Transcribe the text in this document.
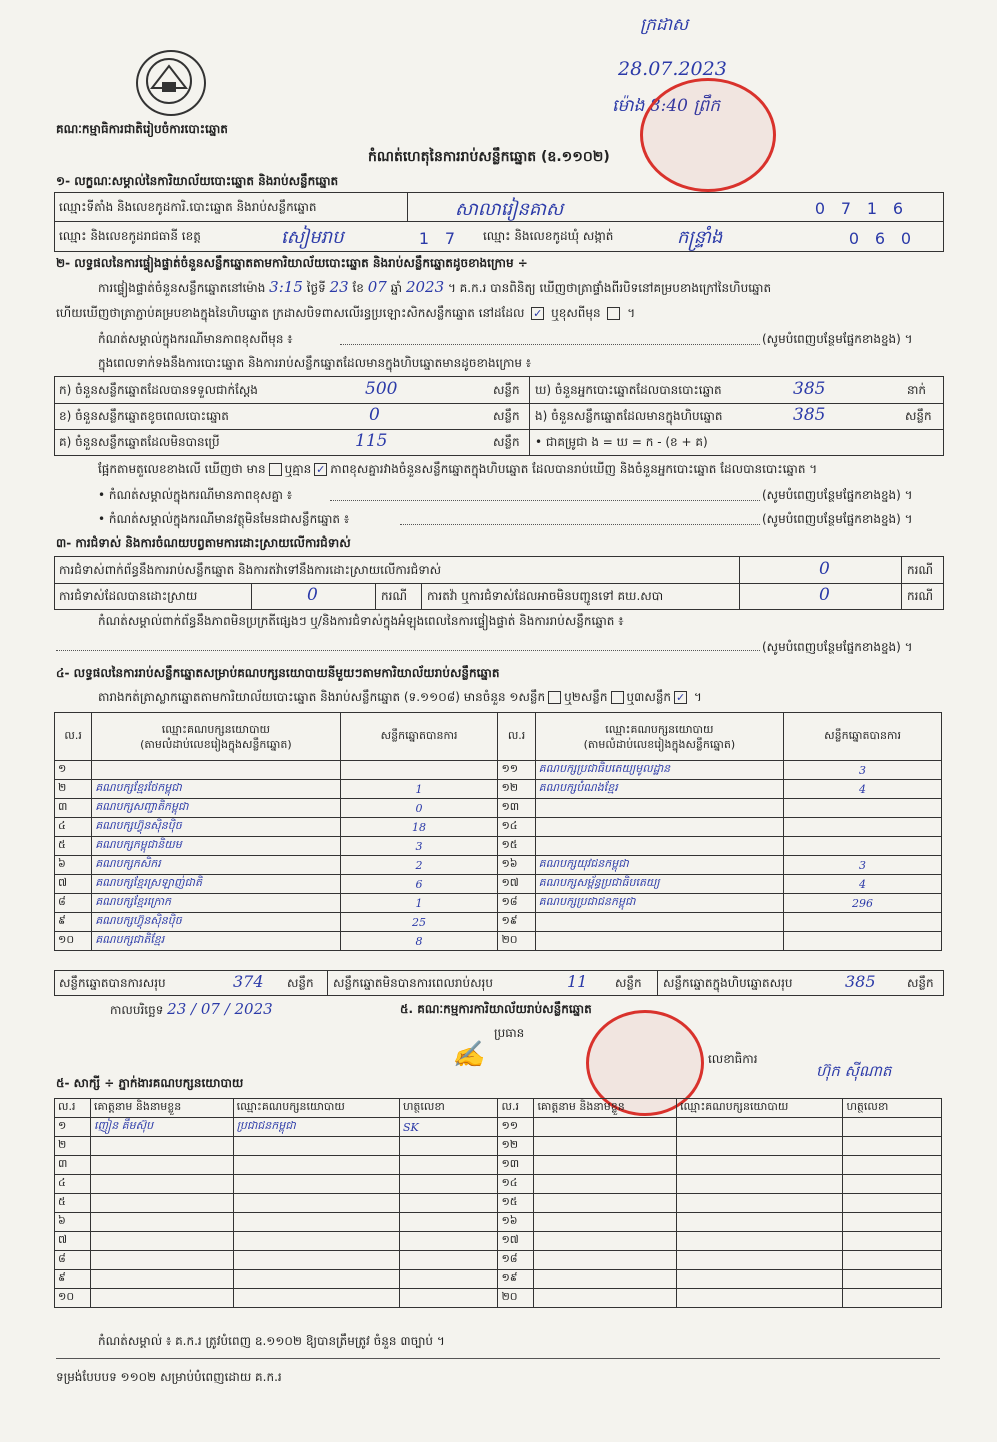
គណៈកម្មាធិការជាតិរៀបចំការបោះឆ្នោត
ក្រដាស
28.07.2023
ម៉ោង 8:40 ព្រឹក
កំណត់ហេតុនៃការរាប់សន្លឹកឆ្នោត (ឧ.១១០២)
១- លក្ខណៈសម្គាល់នៃការិយាល័យបោះឆ្នោត និងរាប់សន្លឹកឆ្នោត
ឈ្មោះទីតាំង និងលេខកូដការិ.បោះឆ្នោត និងរាប់សន្លឹកឆ្នោត	សាលារៀនគាស	0 7 1 6
ឈ្មោះ និងលេខកូដរាជធានី ខេត្ត	សៀមរាប	1 7	ឈ្មោះ និងលេខកូដឃុំ សង្កាត់	កន្ទ្រាំង	0 6 0
២- លទ្ធផលនៃការផ្ទៀងផ្ទាត់ចំនួនសន្លឹកឆ្នោតតាមការិយាល័យបោះឆ្នោត និងរាប់សន្លឹកឆ្នោតដូចខាងក្រោម ÷
ការផ្ទៀងផ្ទាត់ចំនួនសន្លឹកឆ្នោតនៅម៉ោង 3:15 ថ្ងៃទី 23 ខែ 07 ឆ្នាំ 2023 ។ គ.ក.រ បានពិនិត្យ ឃើញថាត្រាផ្ទាំងពីរបិទនៅគម្របខាងក្រៅនៃហិបឆ្នោត
ហើយឃើញថាត្រាភ្ជាប់គម្របខាងក្នុងនៃហិបឆ្នោត ក្រដាសបិទពាសលើរន្ធប្រឡោះសិកសន្លឹកឆ្នោត នៅដដែល ✓ ឬខុសពីមុន  ។
កំណត់សម្គាល់ក្នុងករណីមានភាពខុសពីមុន ៖	(សូមបំពេញបន្ថែមផ្នែកខាងខ្នង) ។
ក្នុងពេលទាក់ទងនឹងការបោះឆ្នោត និងការរាប់សន្លឹកឆ្នោតដែលមានក្នុងហិបឆ្នោតមានដូចខាងក្រោម ៖
ក) ចំនួនសន្លឹកឆ្នោតដែលបានទទួលជាក់ស្តែង	500	សន្លឹក ឃ) ចំនួនអ្នកបោះឆ្នោតដែលបានបោះឆ្នោត	385	នាក់
ខ) ចំនួនសន្លឹកឆ្នោតខូចពេលបោះឆ្នោត	0	សន្លឹក ង) ចំនួនសន្លឹកឆ្នោតដែលមានក្នុងហិបឆ្នោត	385	សន្លឹក
គ) ចំនួនសន្លឹកឆ្នោតដែលមិនបានប្រើ	115	សន្លឹក • ជាគម្រូជា ង = ឃ = ក - (ខ + គ)
ផ្អែកតាមតួលេខខាងលើ ឃើញថា មាន ឬគ្មាន ✓ ភាពខុសគ្នារវាងចំនួនសន្លឹកឆ្នោតក្នុងហិបឆ្នោត ដែលបានរាប់ឃើញ និងចំនួនអ្នកបោះឆ្នោត ដែលបានបោះឆ្នោត ។
• កំណត់សម្គាល់ក្នុងករណីមានភាពខុសគ្នា ៖	(សូមបំពេញបន្ថែមផ្នែកខាងខ្នង) ។
• កំណត់សម្គាល់ក្នុងករណីមានវត្ថុមិនមែនជាសន្លឹកឆ្នោត ៖	(សូមបំពេញបន្ថែមផ្នែកខាងខ្នង) ។
៣- ការជំទាស់ និងការចំណយបព្វតាមការដោះស្រាយលើការជំទាស់
ការជំទាស់ពាក់ព័ន្ធនឹងការរាប់សន្លឹកឆ្នោត និងការតវ៉ាទៅនឹងការដោះស្រាយលើការជំទាស់	0	ករណី
ការជំទាស់ដែលបានដោះស្រាយ	0	ករណី ការតវ៉ា ឬការជំទាស់ដែលអាចមិនបញ្ជូនទៅ គឃ.សបា	0	ករណី
កំណត់សម្គាល់ពាក់ព័ន្ធនឹងភាពមិនប្រក្រតីផ្សេងៗ ឬ/និងការជំទាស់ក្នុងអំឡុងពេលនៃការផ្ទៀងផ្ទាត់ និងការរាប់សន្លឹកឆ្នោត ៖
(សូមបំពេញបន្ថែមផ្នែកខាងខ្នង) ។
៤- លទ្ធផលនៃការរាប់សន្លឹកឆ្នោតសម្រាប់គណបក្សនយោបាយនីមួយៗតាមការិយាល័យរាប់សន្លឹកឆ្នោត
តារាងកត់ត្រាស្លាកឆ្នោតតាមការិយាល័យបោះឆ្នោត និងរាប់សន្លឹកឆ្នោត (ទ.១១០៨) មានចំនួន ១សន្លឹក ឬ២សន្លឹក ឬ៣សន្លឹក ✓ ។
ល.រ	ឈ្មោះគណបក្សនយោបាយ
(តាមលំដាប់លេខរៀងក្នុងសន្លឹកឆ្នោត)	សន្លឹកឆ្នោតបានការ	ល.រ	ឈ្មោះគណបក្សនយោបាយ
(តាមលំដាប់លេខរៀងក្នុងសន្លឹកឆ្នោត)	សន្លឹកឆ្នោតបានការ
១			១១	គណបក្សប្រជាធិបតេយ្យមូលដ្ឋាន	3
២	គណបក្សខ្មែរថែកម្ពុជា	1	១២	គណបក្សបំណងខ្មែរ	4
៣	គណបក្សសញ្ជាតិកម្ពុជា	0	១៣		
៤	គណបក្សហ៊្វុនស៊ិនប៉ិច	18	១៤		
៥	គណបក្សកម្ពុជានិយម	3	១៥		
៦	គណបក្សកសិករ	2	១៦	គណបក្សយុវជនកម្ពុជា	3
៧	គណបក្សខ្មែរស្រឡាញ់ជាតិ	6	១៧	គណបក្សសម្ព័ន្ធប្រជាធិបតេយ្យ	4
៨	គណបក្សខ្មែរក្រោក	1	១៨	គណបក្សប្រជាជនកម្ពុជា	296
៩	គណបក្សហ៊្វុនស៊ិនប៉ិច	25	១៩		
១០	គណបក្សជាតិខ្មែរ	8	២០		
សន្លឹកឆ្នោតបានការសរុប	374 សន្លឹក សន្លឹកឆ្នោតមិនបានការពេលរាប់សរុប	11 សន្លឹក សន្លឹកឆ្នោតក្នុងហិបឆ្នោតសរុប	385	សន្លឹក
កាលបរិច្ឆេទ 23 / 07 / 2023	៥. គណៈកម្មការការិយាល័យរាប់សន្លឹកឆ្នោត
ប្រធាន
✍	លេខាធិការ
ហ៊ុក ស៊ីណាត
៥- សាក្សី ÷ ភ្នាក់ងារគណបក្សនយោបាយ
ល.រ	គោត្តនាម និងនាមខ្លួន	ឈ្មោះគណបក្សនយោបាយ	ហត្ថលេខា	ល.រ	គោត្តនាម និងនាមខ្លួន	ឈ្មោះគណបក្សនយោបាយ	ហត្ថលេខា
១	ញៀន គឹមស៊ុប	ប្រជាជនកម្ពុជា	SK	១១			
២				១២			
៣				១៣			
៤				១៤			
៥				១៥			
៦				១៦			
៧				១៧			
៨				១៨			
៩				១៩			
១០				២០			
កំណត់សម្គាល់ ៖ គ.ក.រ ត្រូវបំពេញ ឧ.១១០២ ឱ្យបានត្រឹមត្រូវ ចំនួន ៣ច្បាប់ ។
ទម្រង់បែបបទ ១១០២ សម្រាប់បំពេញដោយ គ.ក.រ
